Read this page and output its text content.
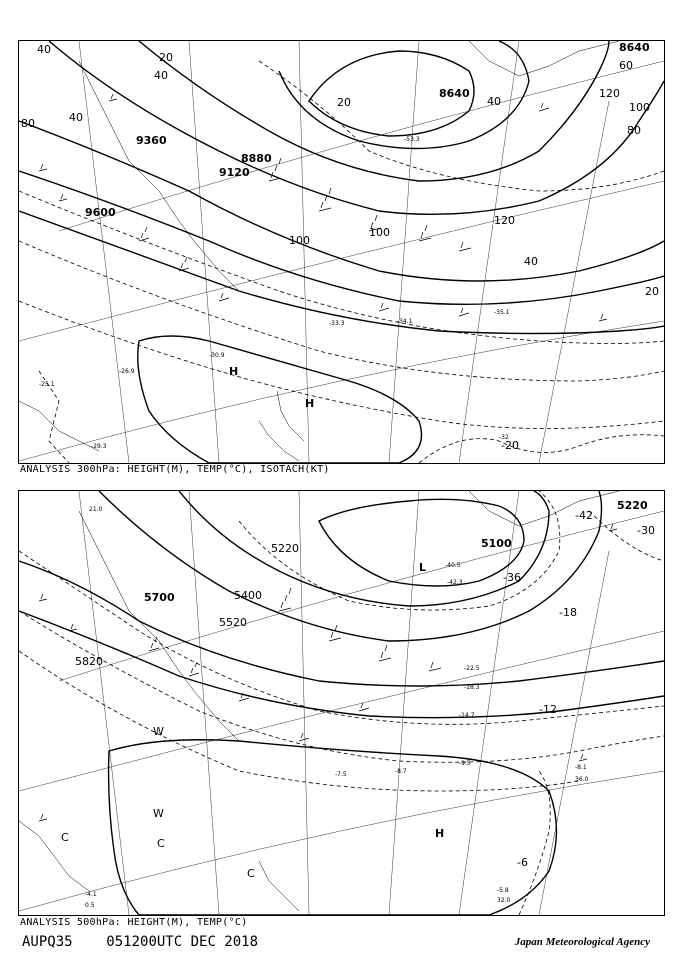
8640
8640
9360
8880
9120
9600
40
60
80
120
20
40
20	40
120
100
80
40
100
40
20
100
-53.3
-35.1
-34.1
-30.9
-33.3
-26.9
-25.1
-29.3
-32
-20
H
H
ANALYSIS 300hPa: HEIGHT(M), TEMP(°C), ISOTACH(KT)
5220
5100
5700
5820
5520
5220
5400
-30
-36
-18
-12
-6
-42
-40.5
-42.3
-22.5
-18.3
-14.7
-9.5
-8.7
-7.5
-8.1
-5.8
-4.1
21.0
36.0
32.0
0.5
L
H
W
C	C
C
W
ANALYSIS 500hPa: HEIGHT(M), TEMP(°C)
AUPQ35 051200UTC DEC 2018	Japan Meteorological Agency
